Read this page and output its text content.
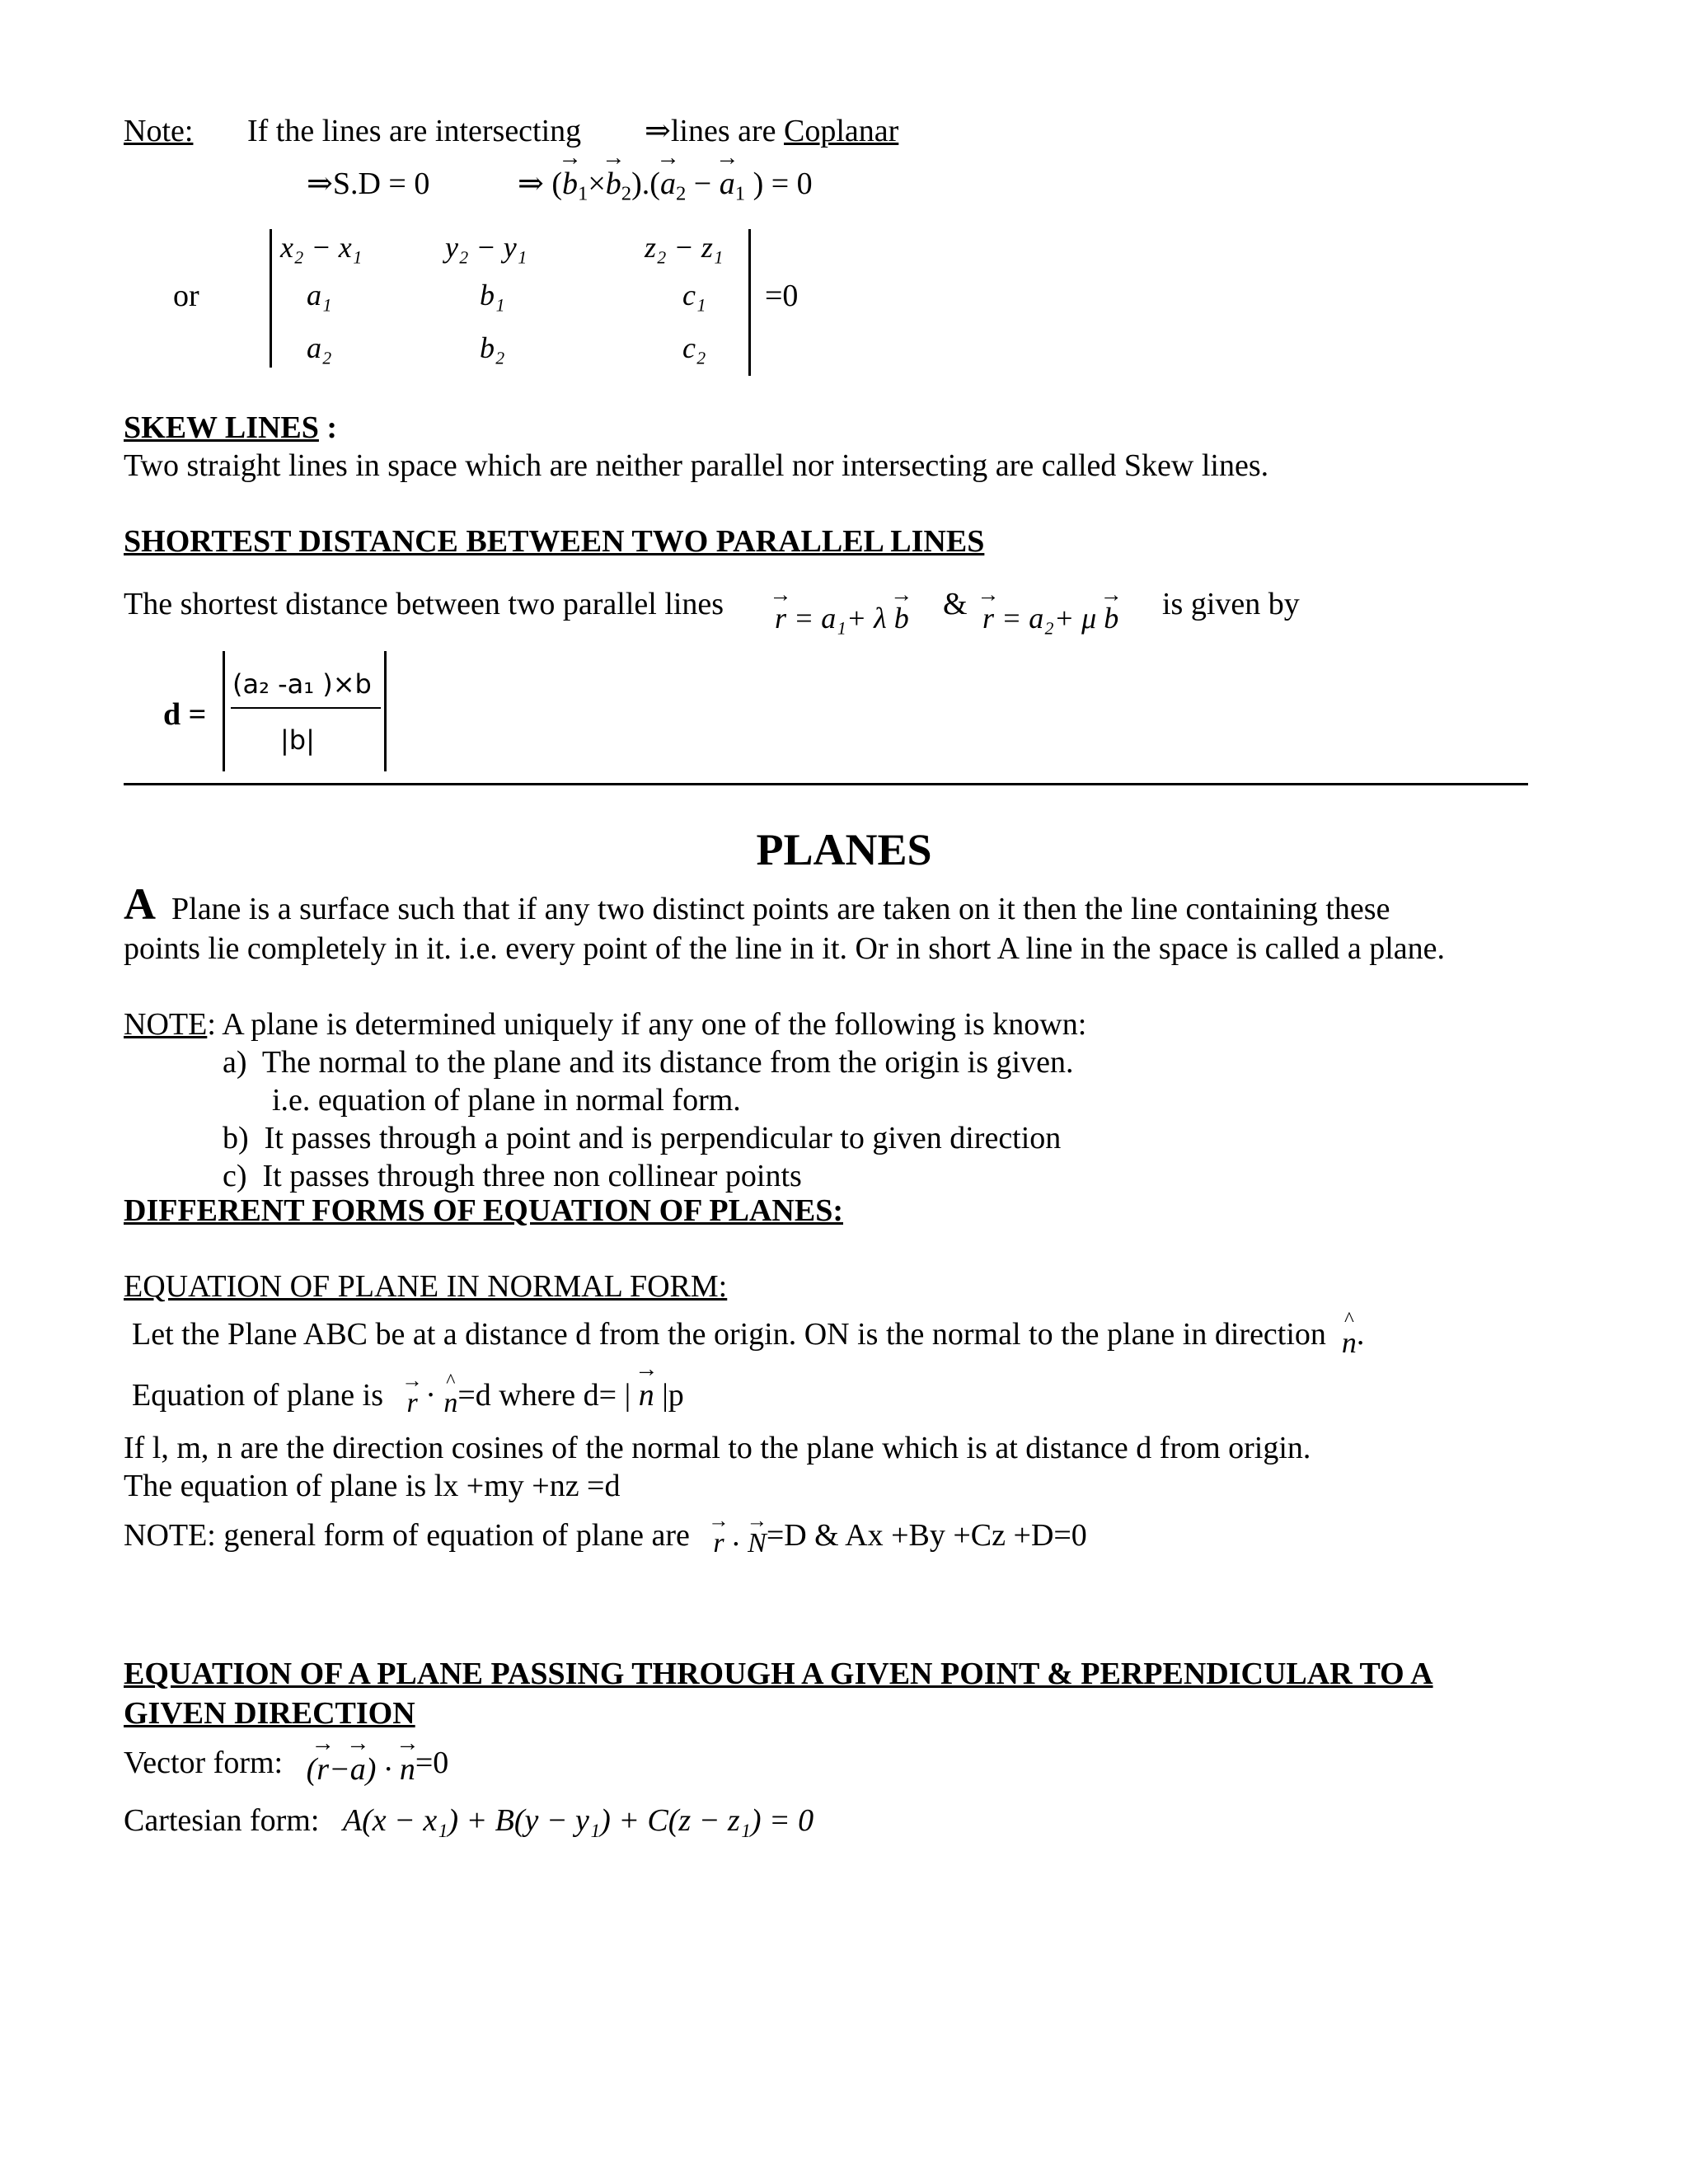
Note: If the lines are intersecting ⇒lines are Coplanar
⇒S.D = 0	⇒ (→ $b_1\times\to b_2).(\to a_2$ − → $a_1$ ) = 0
or
x₂ − x₁	y₂ − y₁	z₂ − z₁
a₁	b₁	c₁
a₂	b₂	c₂
=0
SKEW LINES :
Two straight lines in space which are neither parallel nor intersecting are called Skew lines.
SHORTEST DISTANCE BETWEEN TWO PARALLEL LINES
The shortest distance between two parallel lines → r = a₁+ λ → b & → r = a₂+ μ → b is given by
d =
(a₂ -a₁ )×b
|b|
PLANES
A Plane is a surface such that if any two distinct points are taken on it then the line containing these
points lie completely in it. i.e. every point of the line in it. Or in short A line in the space is called a plane.
NOTE: A plane is determined uniquely if any one of the following is known:
a) The normal to the plane and its distance from the origin is given.
i.e. equation of plane in normal form.
b) It passes through a point and is perpendicular to given direction
c) It passes through three non collinear points
DIFFERENT FORMS OF EQUATION OF PLANES:
EQUATION OF PLANE IN NORMAL FORM:
Let the Plane ABC be at a distance d from the origin. ON is the normal to the plane in direction ^ n.
Equation of plane is → r · ^ n=d where d= | → n |p
If l, m, n are the direction cosines of the normal to the plane which is at distance d from origin.
The equation of plane is lx +my +nz =d
NOTE: general form of equation of plane are → r . → N=D & Ax +By +Cz +D=0
EQUATION OF A PLANE PASSING THROUGH A GIVEN POINT & PERPENDICULAR TO A
GIVEN DIRECTION
Vector form: (→ r−→ a) · → n=0
Cartesian form: A(x − x₁) + B(y − y₁) + C(z − z₁) = 0
